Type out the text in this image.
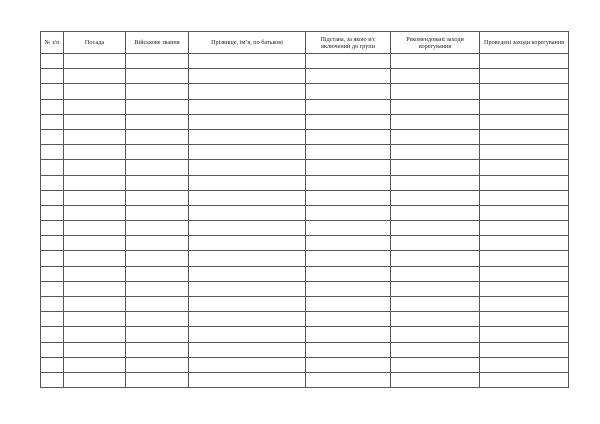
№ з/п	Посада	Військове звання	Прізвище, ім’я, по батькові	Підстава, за якою в/с включений до групи	Рекомендовані заходи корегування	Проведені заходи корегування
